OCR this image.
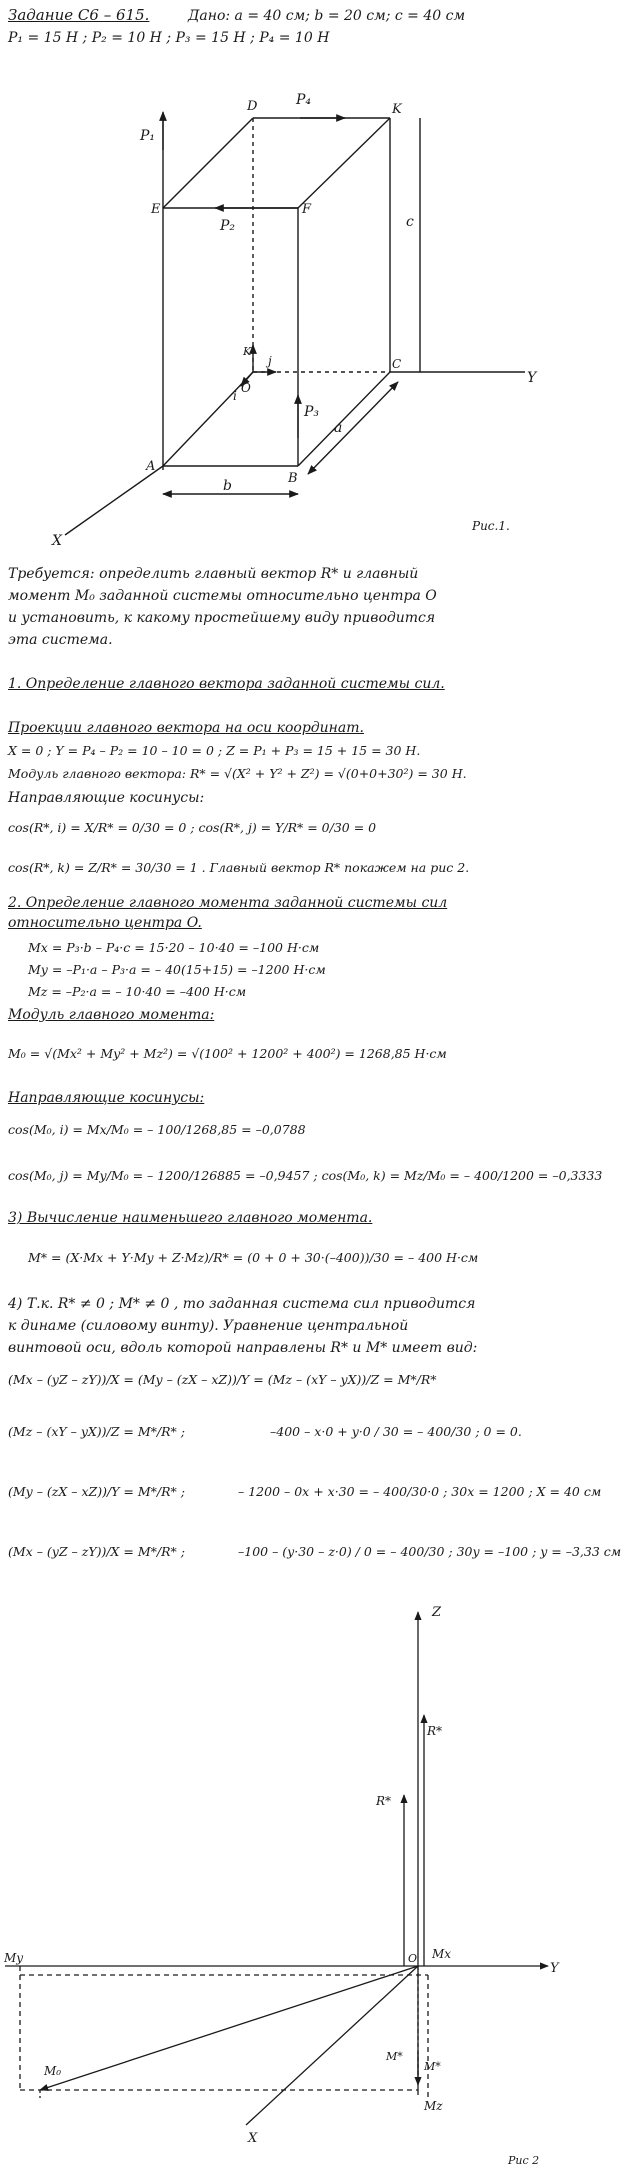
Задание С6 – 615.	Дано: a = 40 см; b = 20 см; c = 40 см
P₁ = 15 Н ; P₂ = 10 Н ; P₃ = 15 Н ; P₄ = 10 Н
D	K
E	F
C
O
A
B
X
Y
i
j
K
P₁
P₂
P₃
P₄
a
b
c
Рис.1.
Требуется: определить главный вектор R* и главный
момент M₀ заданной системы относительно центра O
и установить, к какому простейшему виду приводится
эта система.
1. Определение главного вектора заданной системы сил.
Проекции главного вектора на оси координат.
X = 0 ; Y = P₄ – P₂ = 10 – 10 = 0 ; Z = P₁ + P₃ = 15 + 15 = 30 Н.
Модуль главного вектора: R* = √(X² + Y² + Z²) = √(0+0+30²) = 30 Н.
Направляющие косинусы:
cos(R*, i) = X/R* = 0/30 = 0 ; cos(R*, j) = Y/R* = 0/30 = 0
cos(R*, k) = Z/R* = 30/30 = 1 . Главный вектор R* покажем на рис 2.
2. Определение главного момента заданной системы сил
относительно центра O.
Mx = P₃·b – P₄·c = 15·20 – 10·40 = –100 Н·см
My = –P₁·a – P₃·a = – 40(15+15) = –1200 Н·см
Mz = –P₂·a = – 10·40 = –400 Н·см
Модуль главного момента:
M₀ = √(Mx² + My² + Mz²) = √(100² + 1200² + 400²) = 1268,85 Н·см
Направляющие косинусы:
cos(M₀, i) = Mx/M₀ = – 100/1268,85 = –0,0788
cos(M₀, j) = My/M₀ = – 1200/126885 = –0,9457 ; cos(M₀, k) = Mz/M₀ = – 400/1200 = –0,3333
3) Вычисление наименьшего главного момента.
M* = (X·Mx + Y·My + Z·Mz)/R* = (0 + 0 + 30·(–400))/30 = – 400 Н·см
4) Т.к. R* ≠ 0 ; M* ≠ 0 , то заданная система сил приводится
к динаме (силовому винту). Уравнение центральной
винтовой оси, вдоль которой направлены R* и M* имеет вид:
(Mx – (yZ – zY))/X = (My – (zX – xZ))/Y = (Mz – (xY – yX))/Z = M*/R*
(Mz – (xY – yX))/Z = M*/R* ;	–400 – x·0 + y·0 / 30 = – 400/30 ; 0 = 0.
(My – (zX – xZ))/Y = M*/R* ;	– 1200 – 0x + x·30 = – 400/30·0 ; 30x = 1200 ; X = 40 см
(Mx – (yZ – zY))/X = M*/R* ;	–100 – (y·30 – z·0) / 0 = – 400/30 ; 30y = –100 ; y = –3,33 см
Z
Y
X
O
R*
R*
Mx
My
Mz
M₀
M*
M*
Рис 2
